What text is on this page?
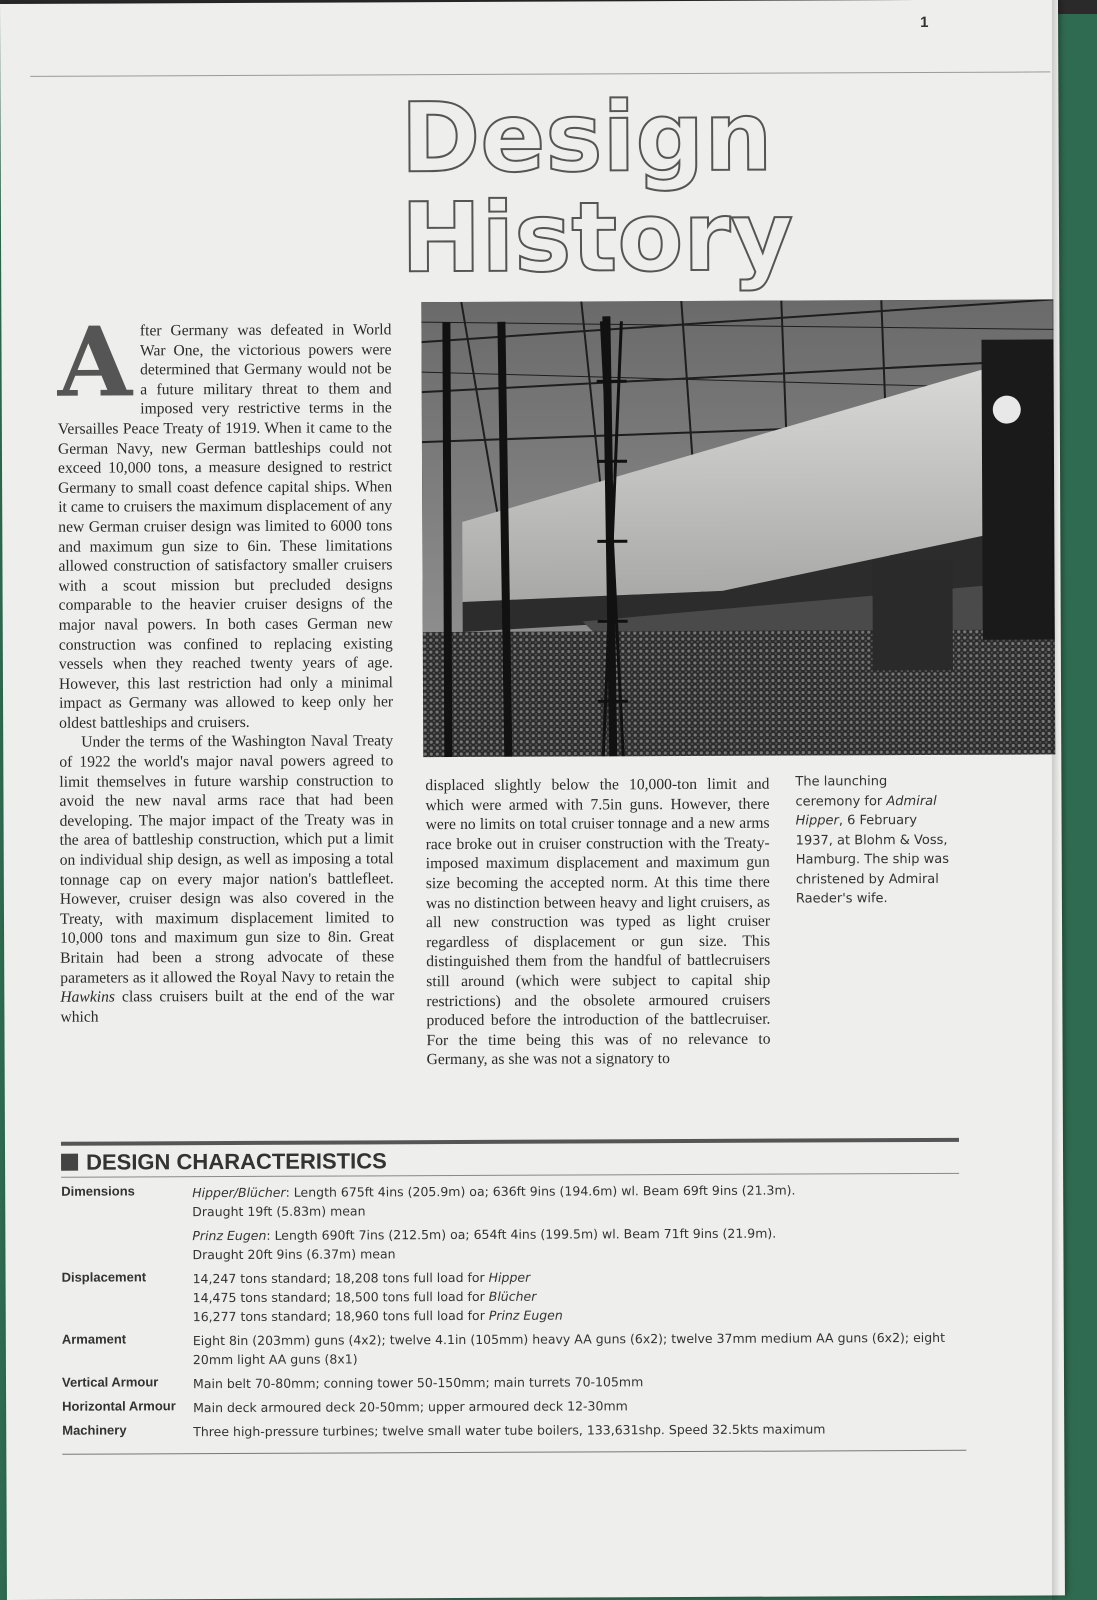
1
Design
History

After Germany was defeated in World War One, the victorious powers were determined that Germany would not be a future military threat to them and imposed very restrictive terms in the Versailles Peace Treaty of 1919. When it came to the German Navy, new German battleships could not exceed 10,000 tons, a measure designed to restrict Germany to small coast defence capital ships. When it came to cruisers the maximum displacement of any new German cruiser design was limited to 6000 tons and maximum gun size to 6in. These limitations allowed construction of satisfactory smaller cruisers with a scout mission but precluded designs comparable to the heavier cruiser designs of the major naval powers. In both cases German new construction was confined to replacing existing vessels when they reached twenty years of age. However, this last restriction had only a minimal impact as Germany was allowed to keep only her oldest battleships and cruisers.

Under the terms of the Washington Naval Treaty of 1922 the world's major naval powers agreed to limit themselves in future warship construction to avoid the new naval arms race that had been developing. The major impact of the Treaty was in the area of battleship construction, which put a limit on individual ship design, as well as imposing a total tonnage cap on every major nation's battlefleet. However, cruiser design was also covered in the Treaty, with maximum displacement limited to 10,000 tons and maximum gun size to 8in. Great Britain had been a strong advocate of these parameters as it allowed the Royal Navy to retain the Hawkins class cruisers built at the end of the war which

displaced slightly below the 10,000-ton limit and which were armed with 7.5in guns. However, there were no limits on total cruiser tonnage and a new arms race broke out in cruiser construction with the Treaty-imposed maximum displacement and maximum gun size becoming the accepted norm. At this time there was no distinction between heavy and light cruisers, as all new construction was typed as light cruiser regardless of displacement or gun size. This distinguished them from the handful of battlecruisers still around (which were subject to capital ship restrictions) and the obsolete armoured cruisers produced before the introduction of the battlecruiser. For the time being this was of no relevance to Germany, as she was not a signatory to

The launching ceremony for Admiral Hipper, 6 February 1937, at Blohm & Voss, Hamburg. The ship was christened by Admiral Raeder's wife.
DESIGN CHARACTERISTICS
Dimensions	Hipper/Blücher: Length 675ft 4ins (205.9m) oa; 636ft 9ins (194.6m) wl. Beam 69ft 9ins (21.3m).
Draught 19ft (5.83m) mean
Prinz Eugen: Length 690ft 7ins (212.5m) oa; 654ft 4ins (199.5m) wl. Beam 71ft 9ins (21.9m).
Draught 20ft 9ins (6.37m) mean
Displacement	14,247 tons standard; 18,208 tons full load for Hipper
14,475 tons standard; 18,500 tons full load for Blücher
16,277 tons standard; 18,960 tons full load for Prinz Eugen
Armament	Eight 8in (203mm) guns (4x2); twelve 4.1in (105mm) heavy AA guns (6x2); twelve 37mm medium AA guns (6x2); eight
20mm light AA guns (8x1)
Vertical Armour	Main belt 70-80mm; conning tower 50-150mm; main turrets 70-105mm
Horizontal Armour	Main deck armoured deck 20-50mm; upper armoured deck 12-30mm
Machinery	Three high-pressure turbines; twelve small water tube boilers, 133,631shp. Speed 32.5kts maximum
